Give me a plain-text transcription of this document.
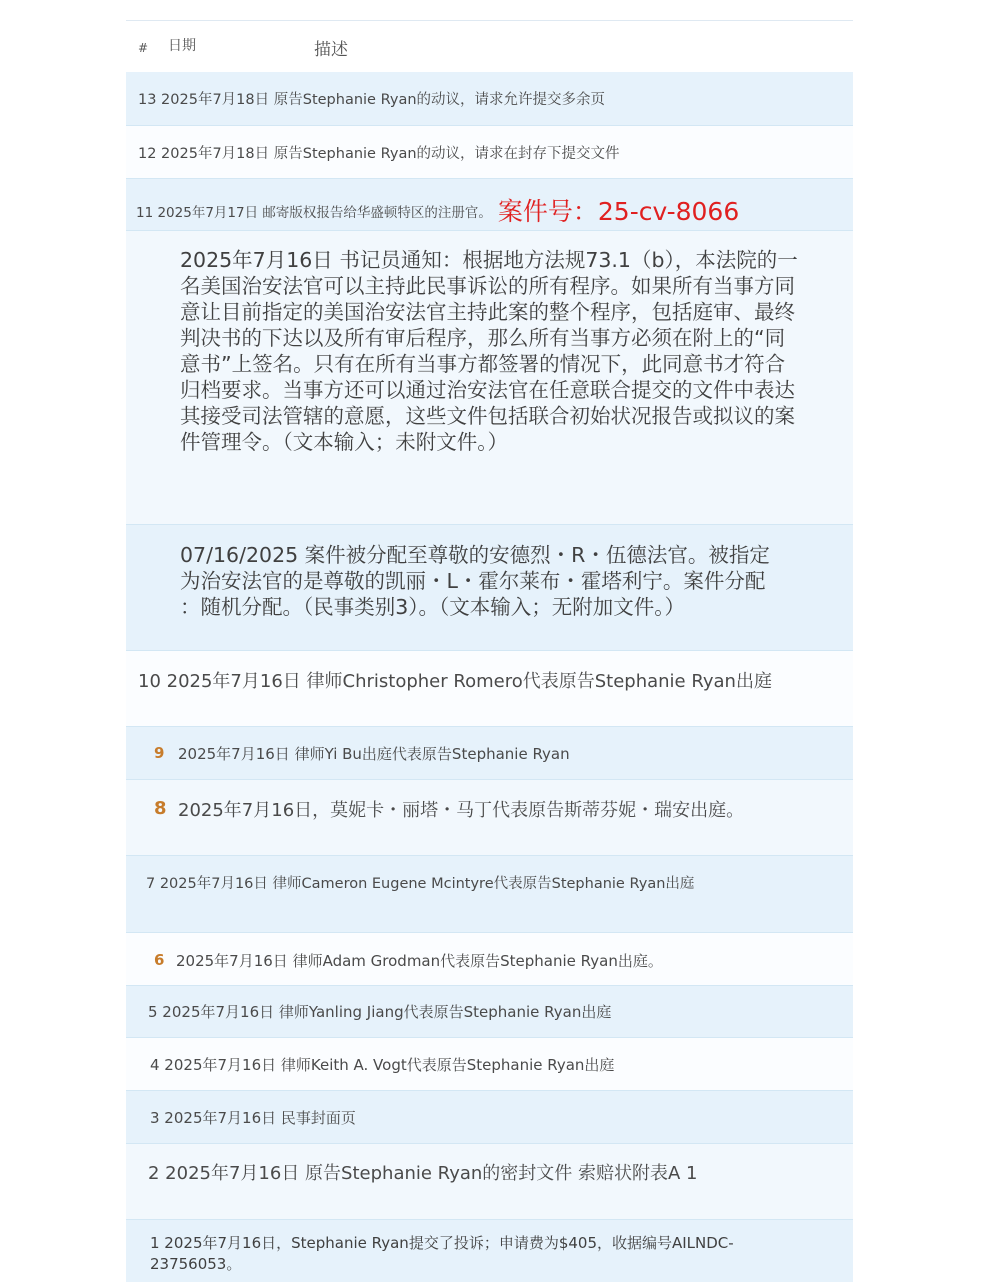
# 日期	描述
13 2025年7月18日 原告Stephanie Ryan的动议，请求允许提交多余页
12 2025年7月18日 原告Stephanie Ryan的动议，请求在封存下提交文件
11 2025年7月17日 邮寄版权报告给华盛顿特区的注册官。 案件号：25-cv-8066
2025年7月16日 书记员通知：根据地方法规73.1（b），本法院的一
名美国治安法官可以主持此民事诉讼的所有程序。如果所有当事方同
意让目前指定的美国治安法官主持此案的整个程序，包括庭审、最终
判决书的下达以及所有审后程序，那么所有当事方必须在附上的“同
意书”上签名。只有在所有当事方都签署的情况下，此同意书才符合
归档要求。当事方还可以通过治安法官在任意联合提交的文件中表达
其接受司法管辖的意愿，这些文件包括联合初始状况报告或拟议的案
件管理令。（文本输入；未附文件。）
07/16/2025 案件被分配至尊敬的安德烈・R・伍德法官。被指定
为治安法官的是尊敬的凯丽・L・霍尔莱布・霍塔利宁。案件分配
：随机分配。（民事类别3）。（文本输入；无附加文件。）
10 2025年7月16日 律师Christopher Romero代表原告Stephanie Ryan出庭
9 2025年7月16日 律师Yi Bu出庭代表原告Stephanie Ryan
8 2025年7月16日，莫妮卡・丽塔・马丁代表原告斯蒂芬妮・瑞安出庭。
7 2025年7月16日 律师Cameron Eugene Mcintyre代表原告Stephanie Ryan出庭
6 2025年7月16日 律师Adam Grodman代表原告Stephanie Ryan出庭。
5 2025年7月16日 律师Yanling Jiang代表原告Stephanie Ryan出庭
4 2025年7月16日 律师Keith A. Vogt代表原告Stephanie Ryan出庭
3 2025年7月16日 民事封面页
2 2025年7月16日 原告Stephanie Ryan的密封文件 索赔状附表A 1
1 2025年7月16日，Stephanie Ryan提交了投诉；申请费为$405，收据编号AILNDC-
23756053。
